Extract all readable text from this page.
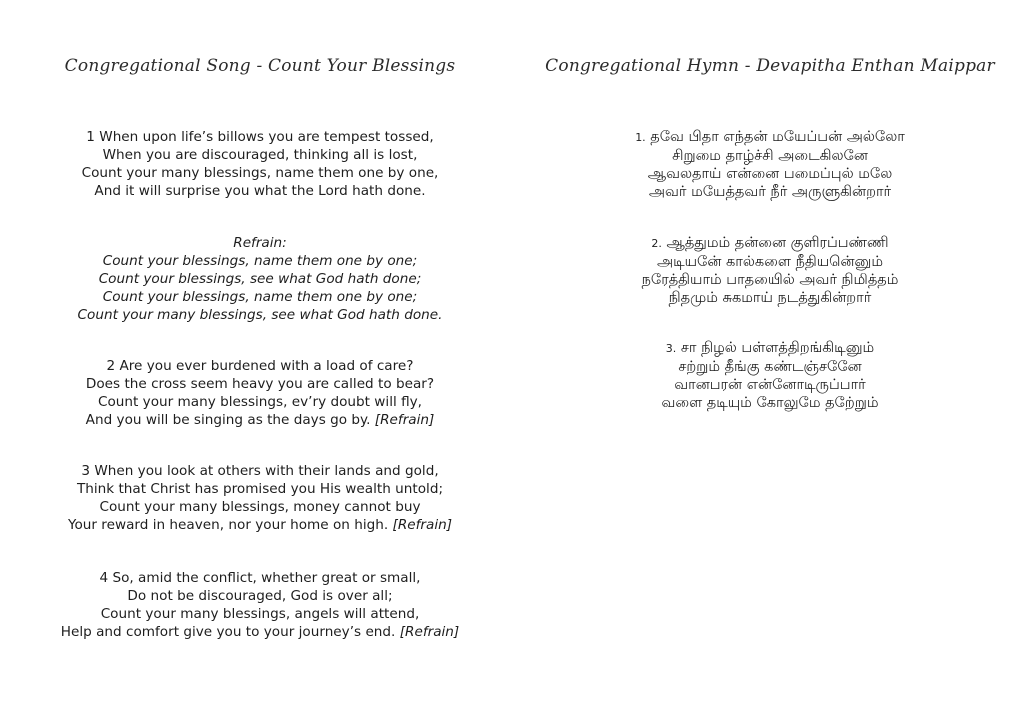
Congregational Song - Count Your Blessings
1 When upon life’s billows you are tempest tossed,
When you are discouraged, thinking all is lost,
Count your many blessings, name them one by one,
And it will surprise you what the Lord hath done.
Refrain:
Count your blessings, name them one by one;
Count your blessings, see what God hath done;
Count your blessings, name them one by one;
Count your many blessings, see what God hath done.
2 Are you ever burdened with a load of care?
Does the cross seem heavy you are called to bear?
Count your many blessings, ev’ry doubt will fly,
And you will be singing as the days go by. [Refrain]
3 When you look at others with their lands and gold,
Think that Christ has promised you His wealth untold;
Count your many blessings, money cannot buy
Your reward in heaven, nor your home on high. [Refrain]
4 So, amid the conflict, whether great or small,
Do not be discouraged, God is over all;
Count your many blessings, angels will attend,
Help and comfort give you to your journey’s end. [Refrain]
Congregational Hymn - Devapitha Enthan Maippar
1. தவே பிதா எந்தன் மயேப்பன் அல்லோ
சிறுமை தாழ்ச்சி அடைகிலனே
ஆவலதாய் என்னை பமைப்புல் மலே
அவர் மயேத்தவர் நீர் அருளுகின்றார்
2. ஆத்துமம் தன்னை குளிரப்பண்ணி
அடியனே் கால்களை நீதியனெ்னும்
நரேத்தியாம் பாதயைில் அவர் நிமித்தம்
நிதமும் சுகமாய் நடத்துகின்றார்
3. சா நிழல் பள்ளத்திறங்கிடினும்
சற்றும் தீங்கு கண்டஞ்சனேே
வானபரன் என்னோடிருப்பார்
வளை தடியும் கோலுமே தறே்றும்
